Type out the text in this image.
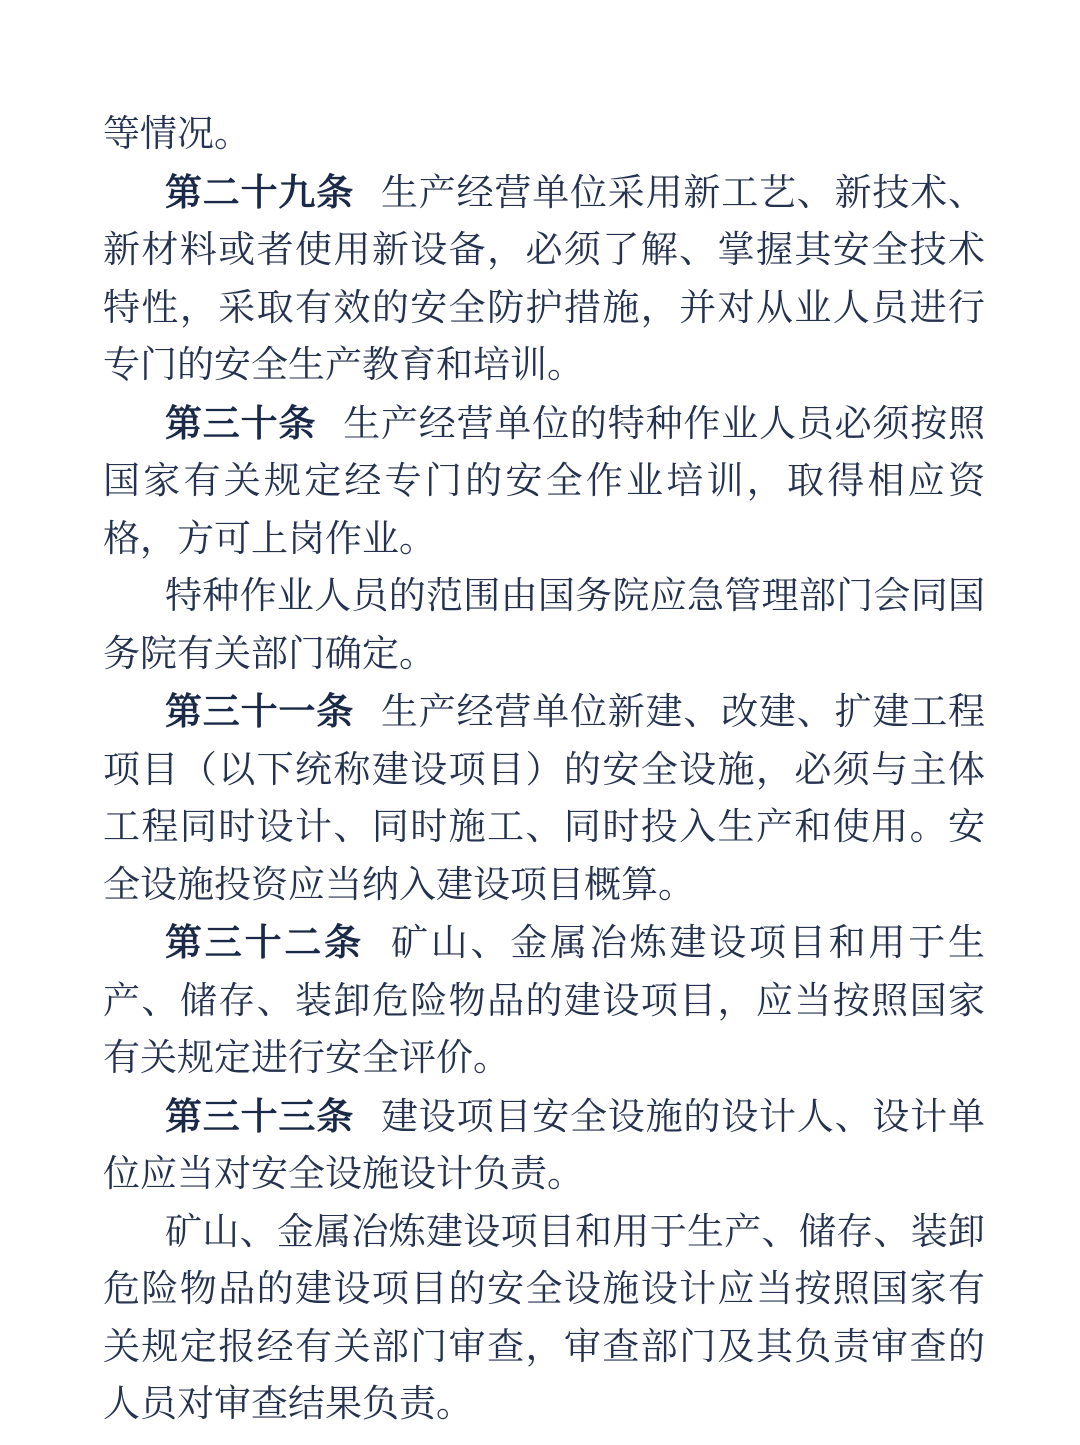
等情况。

第二十九条 生产经营单位采用新工艺、新技术、新材料或者使用新设备，必须了解、掌握其安全技术特性，采取有效的安全防护措施，并对从业人员进行专门的安全生产教育和培训。

第三十条 生产经营单位的特种作业人员必须按照国家有关规定经专门的安全作业培训，取得相应资格，方可上岗作业。

特种作业人员的范围由国务院应急管理部门会同国务院有关部门确定。

第三十一条 生产经营单位新建、改建、扩建工程项目（以下统称建设项目）的安全设施，必须与主体工程同时设计、同时施工、同时投入生产和使用。安全设施投资应当纳入建设项目概算。

第三十二条 矿山、金属冶炼建设项目和用于生产、储存、装卸危险物品的建设项目，应当按照国家有关规定进行安全评价。

第三十三条 建设项目安全设施的设计人、设计单位应当对安全设施设计负责。

矿山、金属冶炼建设项目和用于生产、储存、装卸危险物品的建设项目的安全设施设计应当按照国家有关规定报经有关部门审查，审查部门及其负责审查的人员对审查结果负责。
